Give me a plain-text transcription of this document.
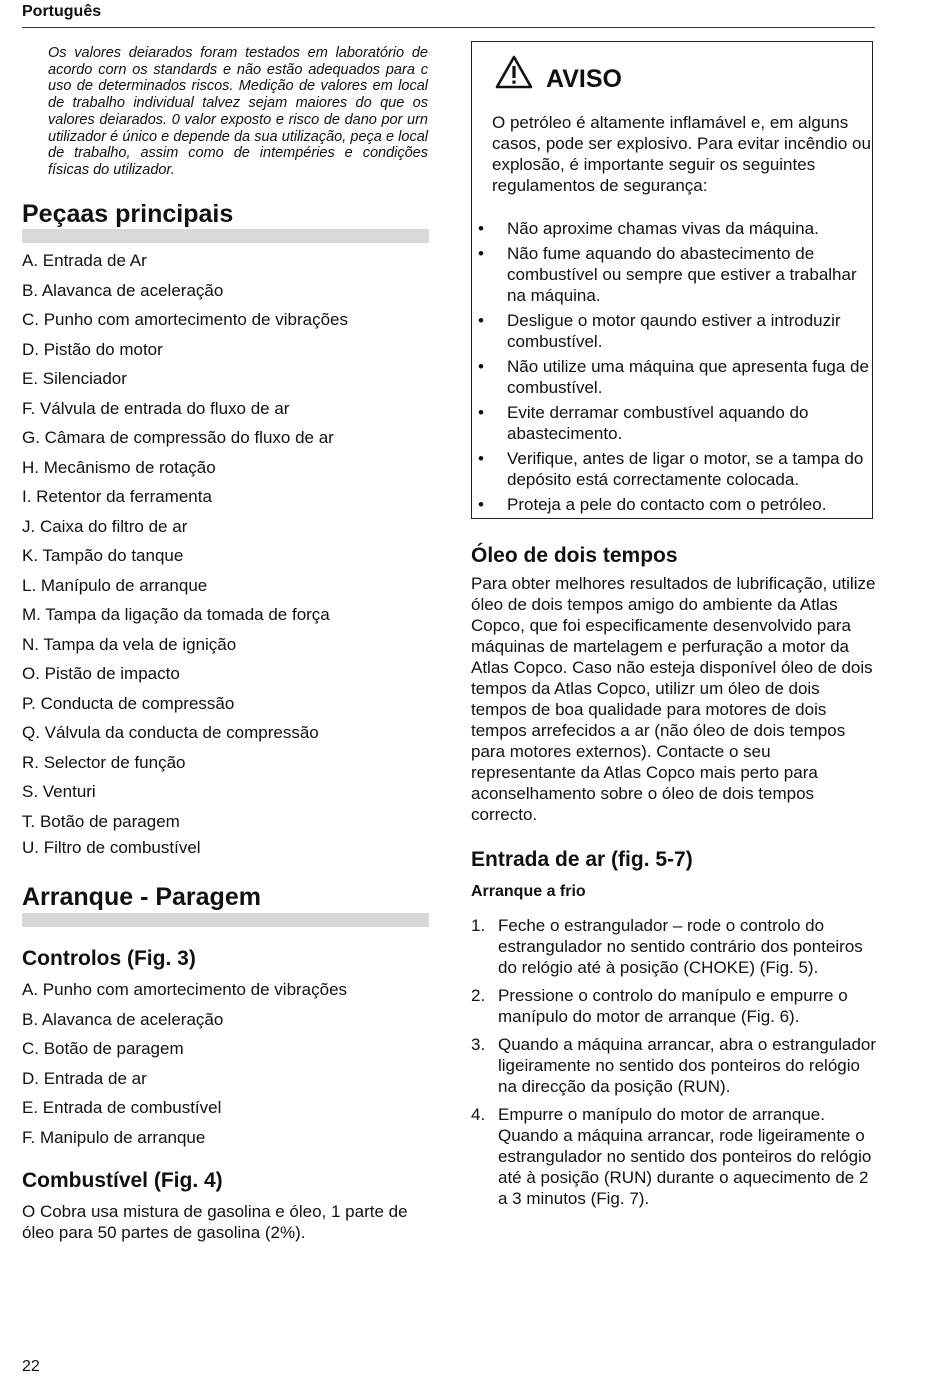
Português

Os valores deiarados foram testados em laboratório de acordo corn os standards e não estão adequados para c uso de determinados riscos. Medição de valores em local de trabalho individual talvez sejam maiores do que os valores deiarados. 0 valor exposto e risco de dano por urn utilizador é único e depende da sua utilização, peça e local de trabalho, assim como de intempéries e condições físicas do utilizador.

Peçaas principais
A. Entrada de Ar
B. Alavanca de aceleração
C. Punho com amortecimento de vibrações
D. Pistão do motor
E. Silenciador
F. Válvula de entrada do fluxo de ar
G. Câmara de compressão do fluxo de ar
H. Mecânismo de rotação
I. Retentor da ferramenta
J. Caixa do filtro de ar
K. Tampão do tanque
L. Manípulo de arranque
M. Tampa da ligação da tomada de força
N. Tampa da vela de ignição
O. Pistão de impacto
P. Conducta de compressão
Q. Válvula da conducta de compressão
R. Selector de função
S. Venturi
T. Botão de paragem
U. Filtro de combustível
Arranque - Paragem
Controlos (Fig. 3)
A. Punho com amortecimento de vibrações
B. Alavanca de aceleração
C. Botão de paragem
D. Entrada de ar
E. Entrada de combustível
F. Manipulo de arranque
Combustível (Fig. 4)

O Cobra usa mistura de gasolina e óleo, 1 parte de óleo para 50 partes de gasolina (2%).

AVISO

O petróleo é altamente inflamável e, em alguns casos, pode ser explosivo. Para evitar incêndio ou explosão, é importante seguir os seguintes regulamentos de segurança:

• Não aproxime chamas vivas da máquina.
• Não fume aquando do abastecimento de combustível ou sempre que estiver a trabalhar na máquina.
• Desligue o motor qaundo estiver a introduzir combustível.
• Não utilize uma máquina que apresenta fuga de combustível.
• Evite derramar combustível aquando do abastecimento.
• Verifique, antes de ligar o motor, se a tampa do depósito está correctamente colocada.
• Proteja a pele do contacto com o petróleo.
Óleo de dois tempos

Para obter melhores resultados de lubrificação, utilize óleo de dois tempos amigo do ambiente da Atlas Copco, que foi especificamente desenvolvido para máquinas de martelagem e perfuração a motor da Atlas Copco. Caso não esteja disponível óleo de dois tempos da Atlas Copco, utilizr um óleo de dois tempos de boa qualidade para motores de dois tempos arrefecidos a ar (não óleo de dois tempos para motores externos). Contacte o seu representante da Atlas Copco mais perto para aconselhamento sobre o óleo de dois tempos correcto.

Entrada de ar (fig. 5-7)
Arranque a frio
1. Feche o estrangulador – rode o controlo do estrangulador no sentido contrário dos ponteiros do relógio até à posição (CHOKE) (Fig. 5).
2. Pressione o controlo do manípulo e empurre o manípulo do motor de arranque (Fig. 6).
3. Quando a máquina arrancar, abra o estrangulador ligeiramente no sentido dos ponteiros do relógio na direcção da posição (RUN).
4. Empurre o manípulo do motor de arranque. Quando a máquina arrancar, rode ligeiramente o estrangulador no sentido dos ponteiros do relógio até à posição (RUN) durante o aquecimento de 2 a 3 minutos (Fig. 7).
22
